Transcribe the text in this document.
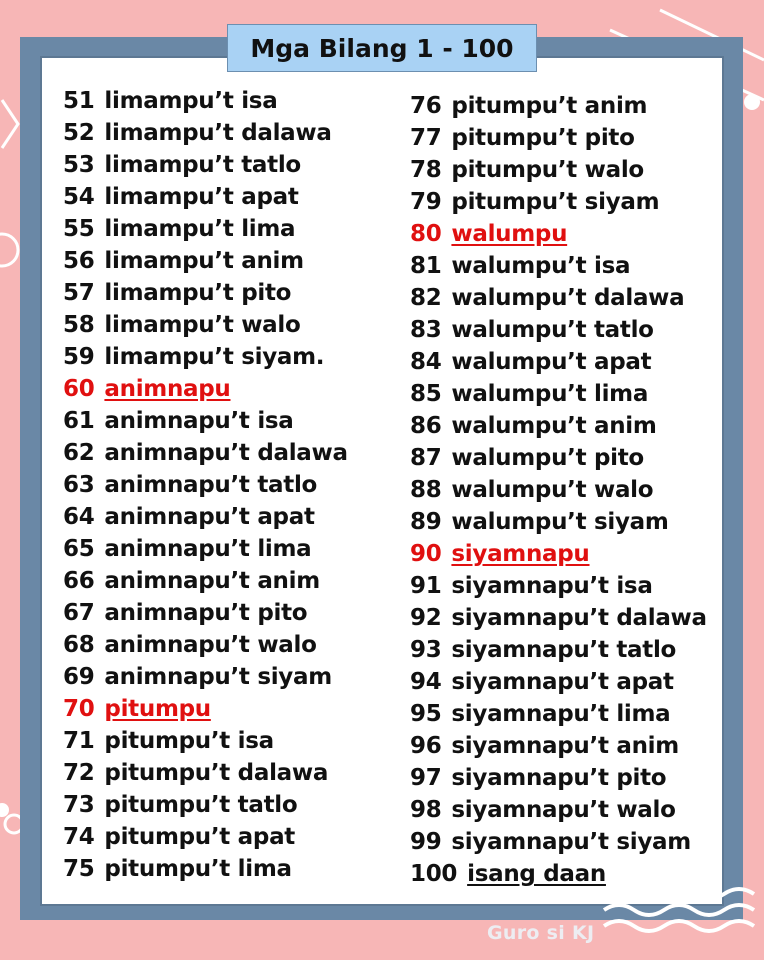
Mga Bilang 1 - 100
51 limampu’t isa
52 limampu’t dalawa
53 limampu’t tatlo
54 limampu’t apat
55 limampu’t lima
56 limampu’t anim
57 limampu’t pito
58 limampu’t walo
59 limampu’t siyam.
60 animnapu
61 animnapu’t isa
62 animnapu’t dalawa
63 animnapu’t tatlo
64 animnapu’t apat
65 animnapu’t lima
66 animnapu’t anim
67 animnapu’t pito
68 animnapu’t walo
69 animnapu’t siyam
70 pitumpu
71 pitumpu’t isa
72 pitumpu’t dalawa
73 pitumpu’t tatlo
74 pitumpu’t apat
75 pitumpu’t lima
76 pitumpu’t anim
77 pitumpu’t pito
78 pitumpu’t walo
79 pitumpu’t siyam
80 walumpu
81 walumpu’t isa
82 walumpu’t dalawa
83 walumpu’t tatlo
84 walumpu’t apat
85 walumpu’t lima
86 walumpu’t anim
87 walumpu’t pito
88 walumpu’t walo
89 walumpu’t siyam
90 siyamnapu
91 siyamnapu’t isa
92 siyamnapu’t dalawa
93 siyamnapu’t tatlo
94 siyamnapu’t apat
95 siyamnapu’t lima
96 siyamnapu’t anim
97 siyamnapu’t pito
98 siyamnapu’t walo
99 siyamnapu’t siyam
100 isang daan
Guro si KJ
